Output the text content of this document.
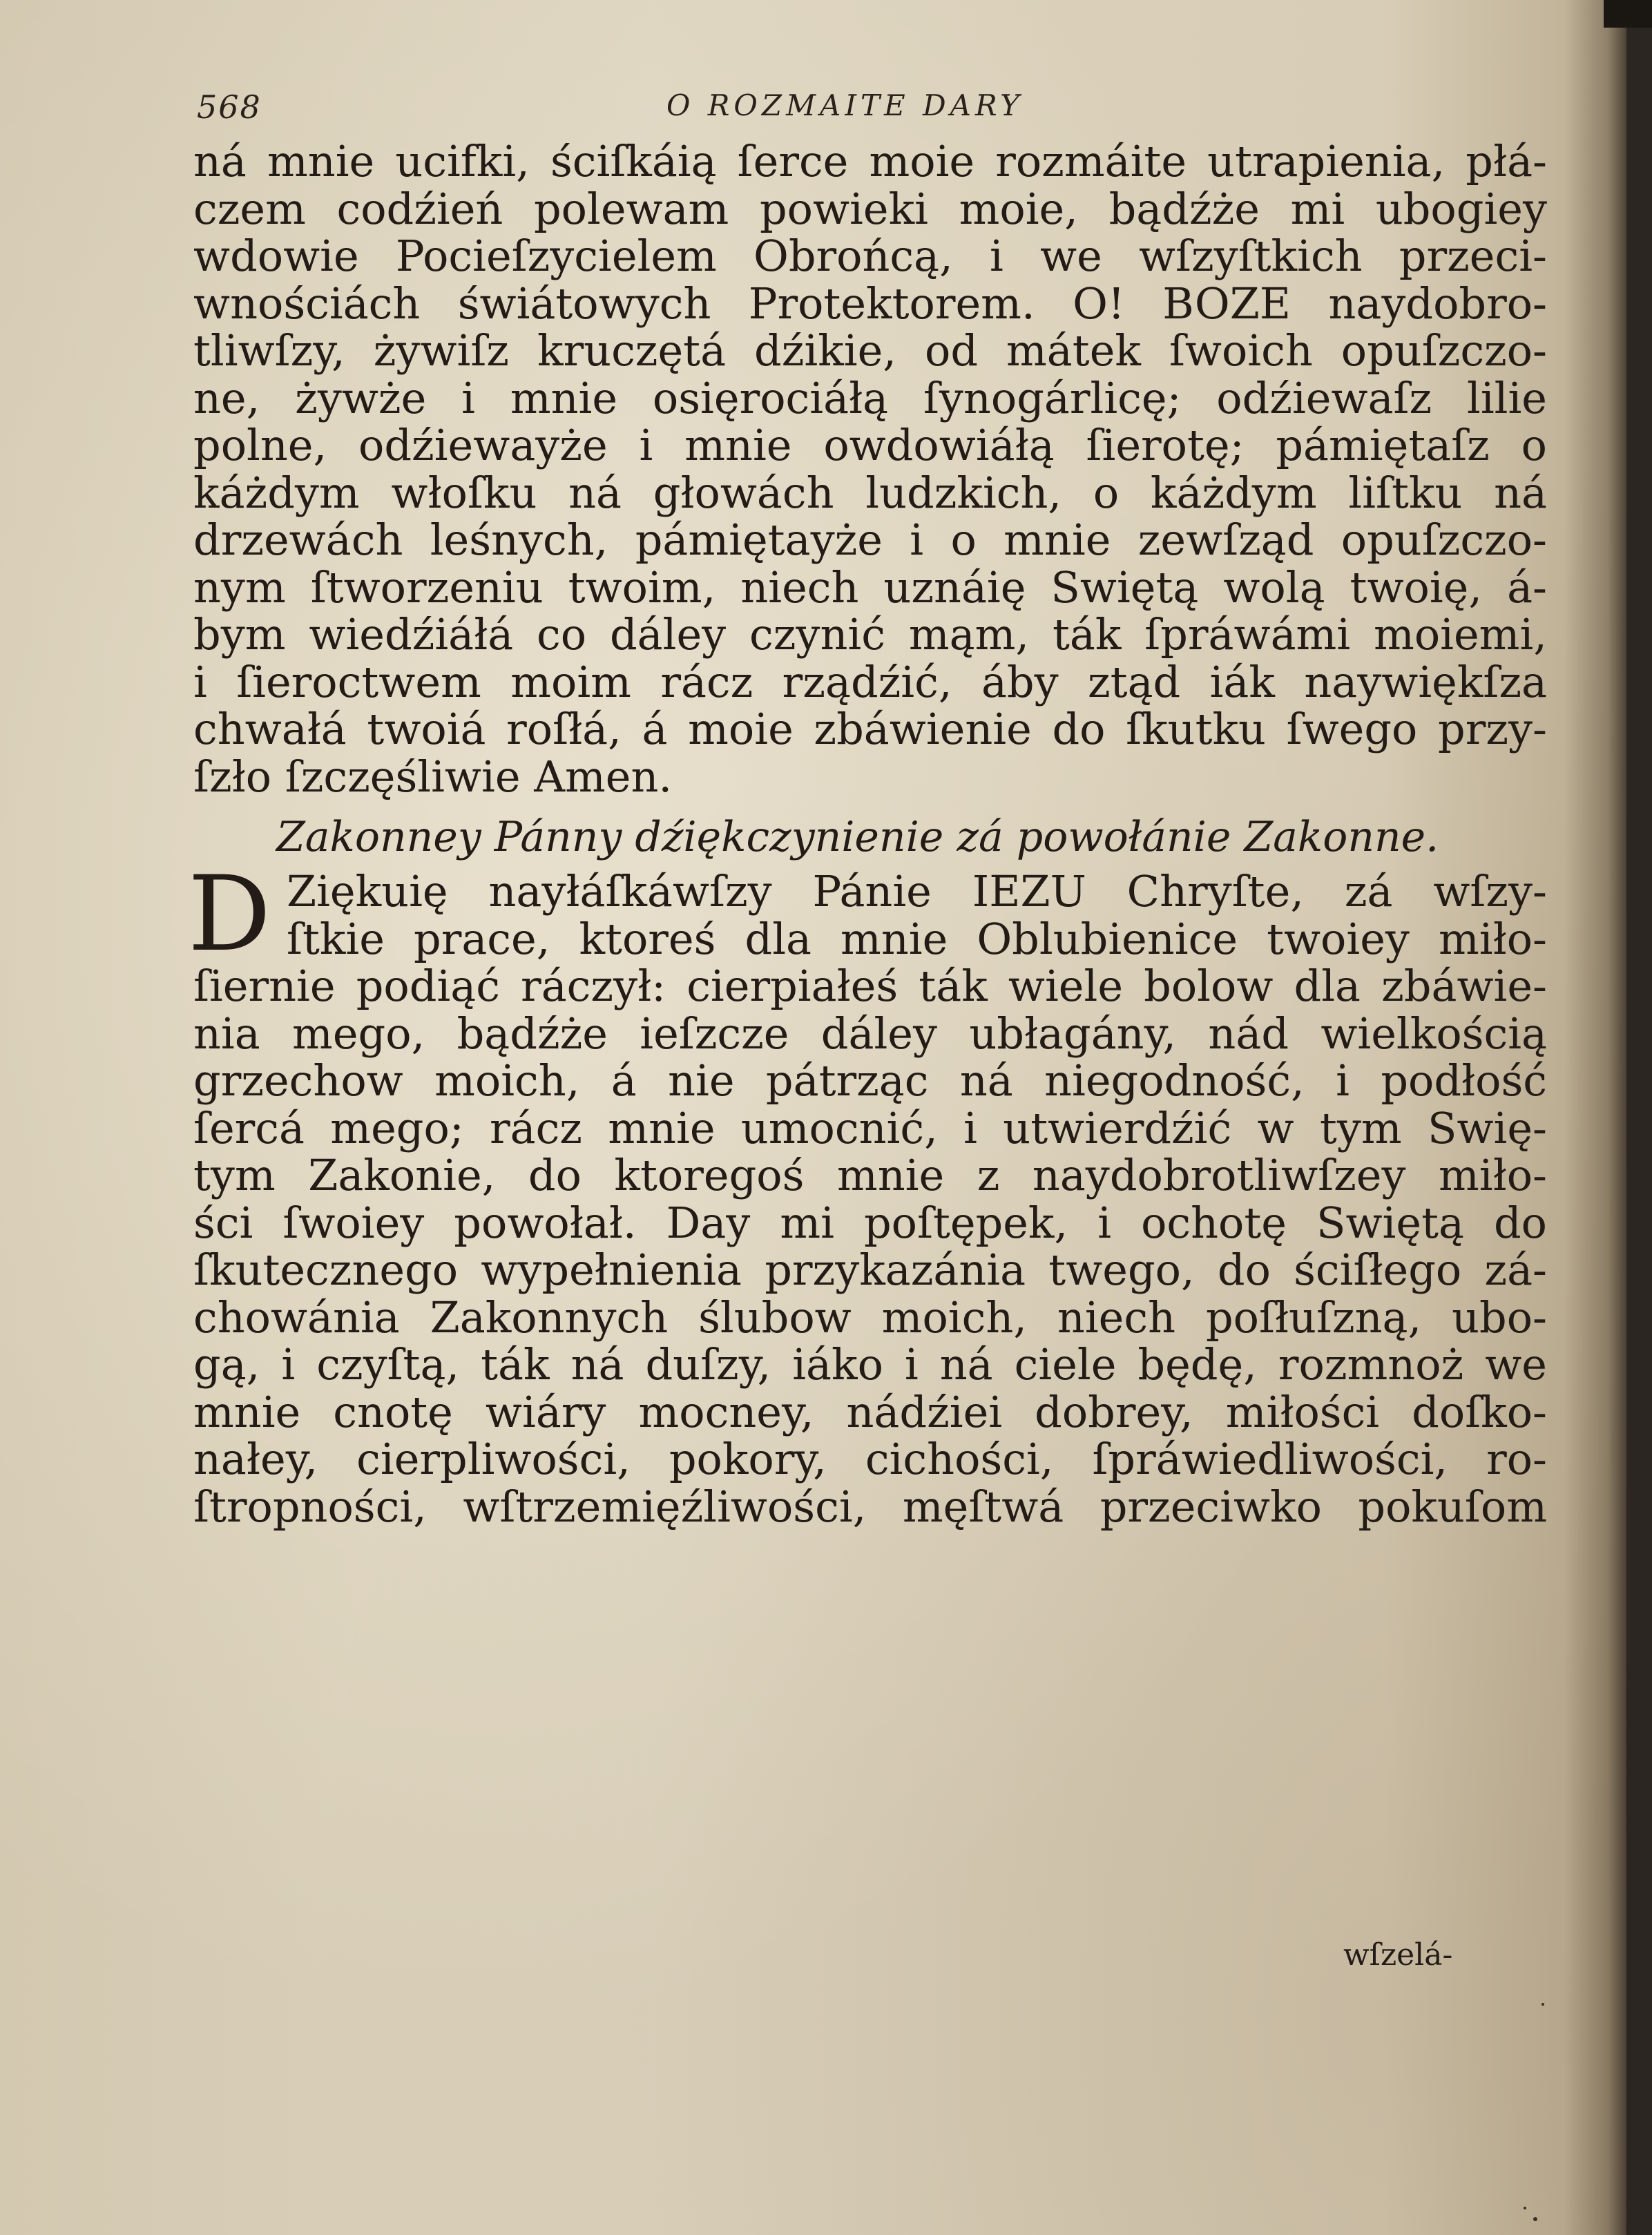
568	O ROZMAITE DARY
ná mnie ucifki, ściſkáią ſerce moie rozmáite utrapienia, płá-
czem codźień polewam powieki moie, bądźże mi ubogiey
wdowie Pocieſzycielem Obrońcą, i we wſzyſtkich przeci-
wnościách świátowych Protektorem. O! BOZE naydobro-
tliwſzy, żywiſz kruczętá dźikie, od mátek ſwoich opuſzczo-
ne, żywże i mnie osięrociáłą ſynogárlicę; odźiewaſz lilie
polne, odźiewayże i mnie owdowiáłą ſierotę; pámiętaſz o
káżdym włoſku ná głowách ludzkich, o káżdym liſtku ná
drzewách leśnych, pámiętayże i o mnie zewſząd opuſzczo-
nym ſtworzeniu twoim, niech uznáię Swiętą wolą twoię, á-
bym wiedźiáłá co dáley czynić mąm, ták ſpráwámi moiemi,
i ſieroctwem moim rácz rządźić, áby ztąd iák naywiękſza
chwałá twoiá roſłá, á moie zbáwienie do ſkutku ſwego przy-
ſzło ſzczęśliwie Amen.
Zakonney Pánny dźiękczynienie zá powołánie Zakonne.
D Ziękuię nayłáſkáwſzy Pánie IEZU Chryſte, zá wſzy-
ſtkie prace, ktoreś dla mnie Oblubienice twoiey miło-
ſiernie podiąć ráczył: cierpiałeś ták wiele bolow dla zbáwie-
nia mego, bądźże ieſzcze dáley ubłagány, nád wielkością
grzechow moich, á nie pátrząc ná niegodność, i podłość
ſercá mego; rácz mnie umocnić, i utwierdźić w tym Swię-
tym Zakonie, do ktoregoś mnie z naydobrotliwſzey miło-
ści ſwoiey powołał. Day mi poſtępek, i ochotę Swiętą do
ſkutecznego wypełnienia przykazánia twego, do ściſłego zá-
chowánia Zakonnych ślubow moich, niech poſłuſzną, ubo-
gą, i czyſtą, ták ná duſzy, iáko i ná ciele będę, rozmnoż we
mnie cnotę wiáry mocney, nádźiei dobrey, miłości doſko-
nałey, cierpliwości, pokory, cichości, ſpráwiedliwości, ro-
ſtropności, wſtrzemięźliwości, męſtwá przeciwko pokuſom
wſzelá-
